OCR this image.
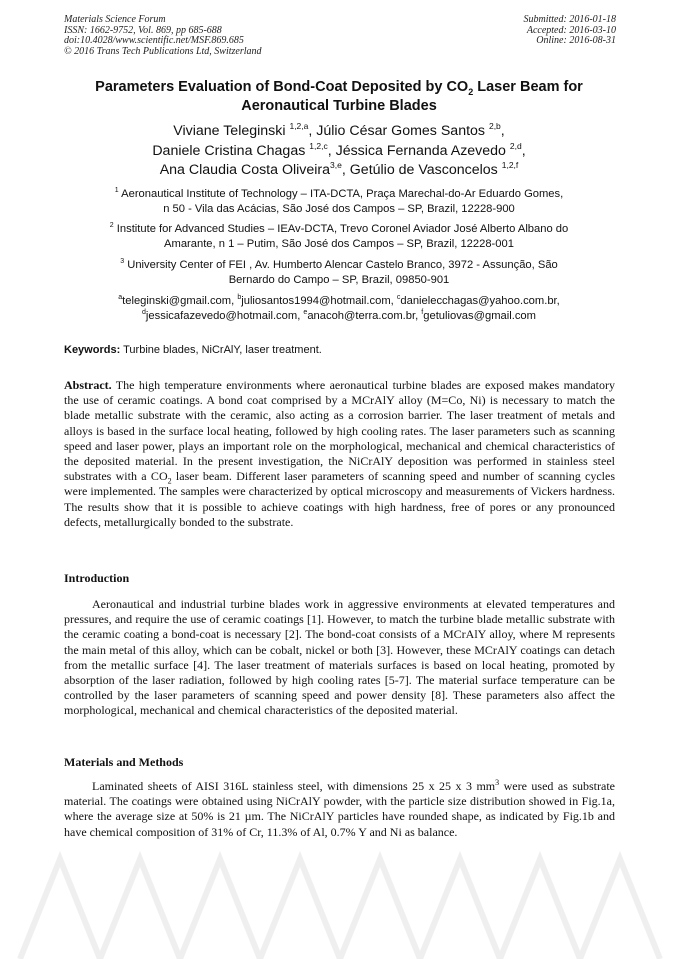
Materials Science Forum
ISSN: 1662-9752, Vol. 869, pp 685-688
doi:10.4028/www.scientific.net/MSF.869.685
© 2016 Trans Tech Publications Ltd, Switzerland
Submitted: 2016-01-18
Accepted: 2016-03-10
Online: 2016-08-31
Parameters Evaluation of Bond-Coat Deposited by $CO_2$ Laser Beam for
Aeronautical Turbine Blades
Viviane Teleginski $^{1,2,a}$, Júlio César Gomes Santos $^{2,b}$,
Daniele Cristina Chagas $^{1,2,c}$, Jéssica Fernanda Azevedo $^{2,d}$,
Ana Claudia Costa Oliveira$^{3,e}$, Getúlio de Vasconcelos $^{1,2,f}$
$^1$ Aeronautical Institute of Technology – ITA-DCTA, Praça Marechal-do-Ar Eduardo Gomes,
n 50 - Vila das Acácias, São José dos Campos – SP, Brazil, 12228-900
$^2$ Institute for Advanced Studies – IEAv-DCTA, Trevo Coronel Aviador José Alberto Albano do
Amarante, n 1 – Putim, São José dos Campos – SP, Brazil, 12228-001
$^3$ University Center of FEI , Av. Humberto Alencar Castelo Branco, 3972 - Assunção, São
Bernardo do Campo – SP, Brazil, 09850-901
$^a$teleginski@gmail.com, $^b$juliosantos1994@hotmail.com, $^c$danielecchagas@yahoo.com.br,
$^d$jessicafazevedo@hotmail.com, $^e$anacoh@terra.com.br, $^f$getuliovas@gmail.com
Keywords: Turbine blades, NiCrAlY, laser treatment.
Abstract. The high temperature environments where aeronautical turbine blades are exposed makes mandatory the use of ceramic coatings. A bond coat comprised by a MCrAlY alloy (M=Co, Ni) is necessary to match the blade metallic substrate with the ceramic, also acting as a corrosion barrier. The laser treatment of metals and alloys is based in the surface local heating, followed by high cooling rates. The laser parameters such as scanning speed and laser power, plays an important role on the morphological, mechanical and chemical characteristics of the deposited material. In the present investigation, the NiCrAlY deposition was performed in stainless steel substrates with a $CO_2$ laser beam. Different laser parameters of scanning speed and number of scanning cycles were implemented. The samples were characterized by optical microscopy and measurements of Vickers hardness. The results show that it is possible to achieve coatings with high hardness, free of pores or any pronounced defects, metallurgically bonded to the substrate.
Introduction
Aeronautical and industrial turbine blades work in aggressive environments at elevated temperatures and pressures, and require the use of ceramic coatings [1]. However, to match the turbine blade metallic substrate with the ceramic coating a bond-coat is necessary [2]. The bond-coat consists of a MCrAlY alloy, where M represents the main metal of this alloy, which can be cobalt, nickel or both [3]. However, these MCrAlY coatings can detach from the metallic surface [4]. The laser treatment of materials surfaces is based on local heating, promoted by absorption of the laser radiation, followed by high cooling rates [5-7]. The material surface temperature can be controlled by the laser parameters of scanning speed and power density [8]. These parameters also affect the morphological, mechanical and chemical characteristics of the deposited material.
Materials and Methods
Laminated sheets of AISI 316L stainless steel, with dimensions 25 x 25 x 3 $mm^3$ were used as substrate material. The coatings were obtained using NiCrAlY powder, with the particle size distribution showed in Fig.1a, where the average size at 50% is 21 µm. The NiCrAlY particles have rounded shape, as indicated by Fig.1b and have chemical composition of 31% of Cr, 11.3% of Al, 0.7% Y and Ni as balance.
